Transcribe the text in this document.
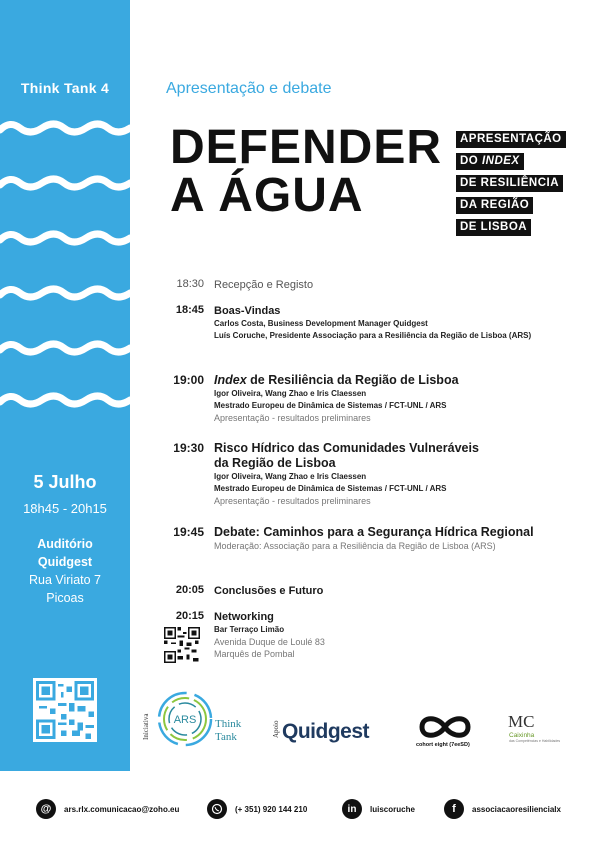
Think Tank 4
5 Julho
18h45 - 20h15
Auditório
Quidgest
Rua Viriato 7
Picoas
Apresentação e debate
DEFENDER
A ÁGUA
APRESENTAÇÃO
DO INDEX
DE RESILIÊNCIA
DA REGIÃO
DE LISBOA
18:30 Recepção e Registo
18:45 Boas-Vindas
Carlos Costa, Business Development Manager Quidgest
Luís Coruche, Presidente Associação para a Resiliência da Região de Lisboa (ARS)
19:00 Index de Resiliência da Região de Lisboa
Igor Oliveira, Wang Zhao e Iris Claessen
Mestrado Europeu de Dinâmica de Sistemas / FCT-UNL / ARS
Apresentação - resultados preliminares
19:30 Risco Hídrico das Comunidades Vulneráveis
da Região de Lisboa
Igor Oliveira, Wang Zhao e Iris Claessen
Mestrado Europeu de Dinâmica de Sistemas / FCT-UNL / ARS
Apresentação - resultados preliminares
19:45 Debate: Caminhos para a Segurança Hídrica Regional
Moderação: Associação para a Resiliência da Região de Lisboa (ARS)
20:05 Conclusões e Futuro
20:15 Networking
Bar Terraço Limão
Avenida Duque de Loulé 83
Marquês de Pombal
Iniciativa ARS Think
Tank	Apoio Quidgest
cohort eight (7eeSD)
MC
Caixinha
das Competências e Habilidades
@	ars.rlx.comunicacao@zoho.eu	(+ 351) 920 144 210	in	luiscoruche	f	associacaoresiliencialx
